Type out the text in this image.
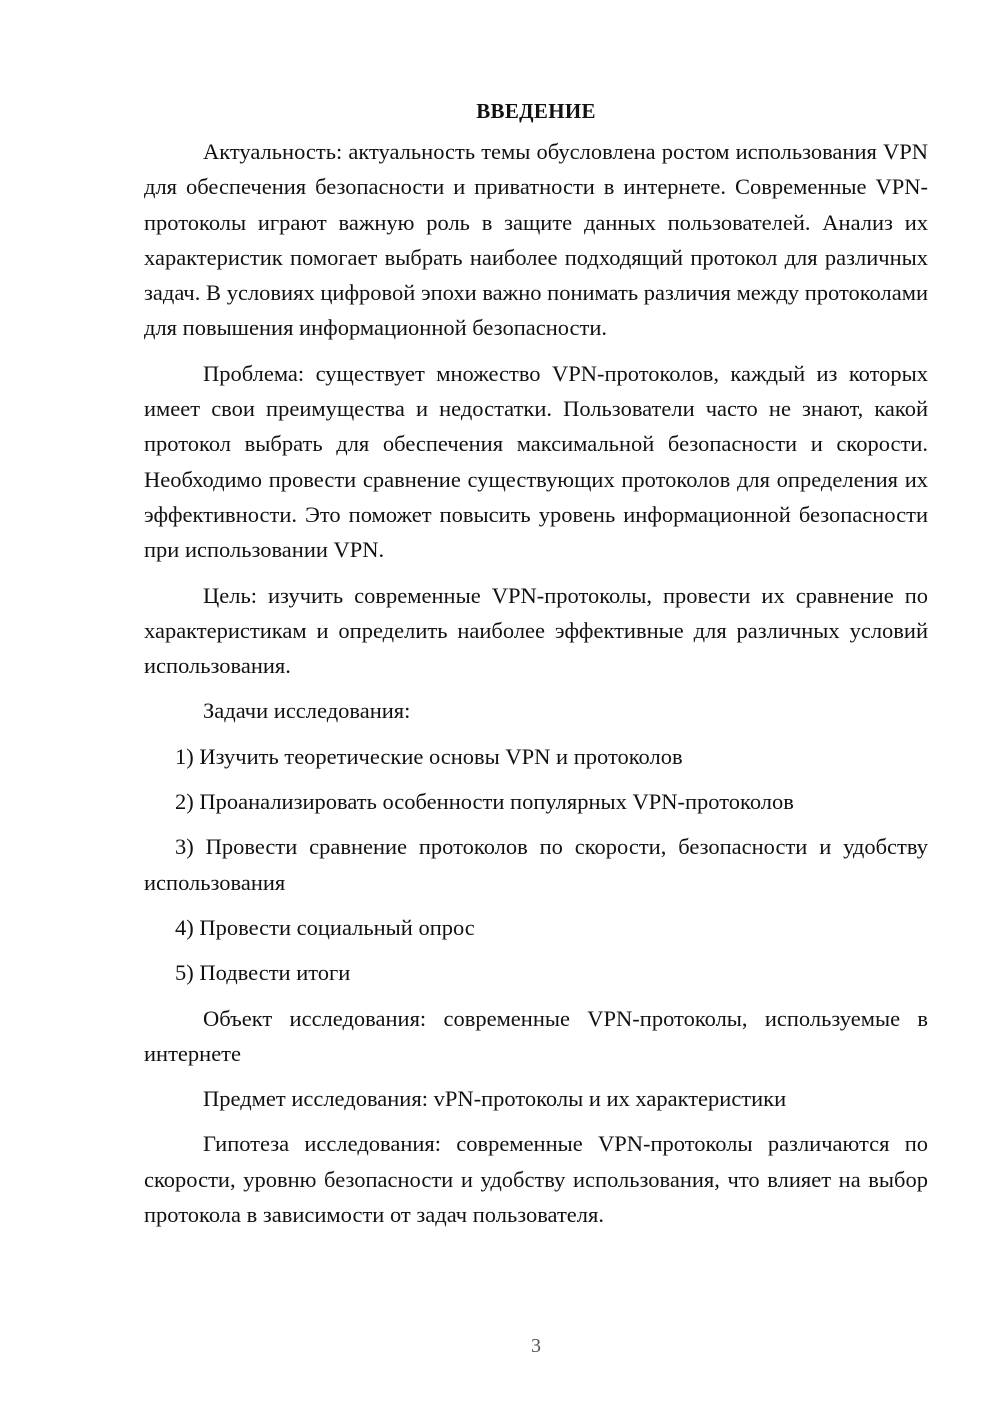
ВВЕДЕНИЕ

Актуальность: актуальность темы обусловлена ростом использования VPN для обеспечения безопасности и приватности в интернете. Современные VPN-протоколы играют важную роль в защите данных пользователей. Анализ их характеристик помогает выбрать наиболее подходящий протокол для различных задач. В условиях цифровой эпохи важно понимать различия между протоколами для повышения информационной безопасности.

Проблема: существует множество VPN-протоколов, каждый из которых имеет свои преимущества и недостатки. Пользователи часто не знают, какой протокол выбрать для обеспечения максимальной безопасности и скорости. Необходимо провести сравнение существующих протоколов для определения их эффективности. Это поможет повысить уровень информационной безопасности при использовании VPN.

Цель: изучить современные VPN-протоколы, провести их сравнение по характеристикам и определить наиболее эффективные для различных условий использования.

Задачи исследования:

1) Изучить теоретические основы VPN и протоколов

2) Проанализировать особенности популярных VPN-протоколов

3) Провести сравнение протоколов по скорости, безопасности и удобству использования

4) Провести социальный опрос

5) Подвести итоги

Объект исследования: современные VPN-протоколы, используемые в интернете

Предмет исследования: vPN-протоколы и их характеристики

Гипотеза исследования: современные VPN-протоколы различаются по скорости, уровню безопасности и удобству использования, что влияет на выбор протокола в зависимости от задач пользователя.

3
